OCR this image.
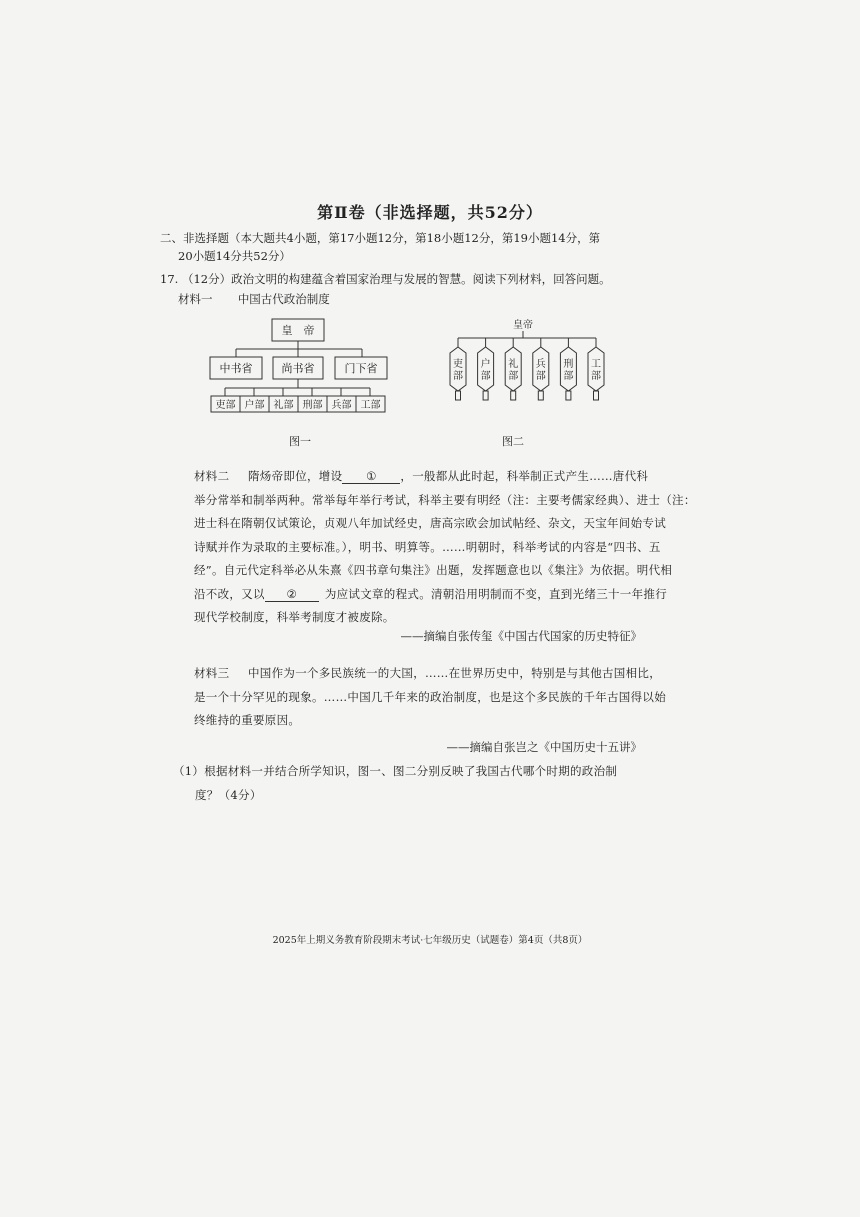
第Ⅱ卷（非选择题，共52分）
二、非选择题（本大题共4小题，第17小题12分，第18小题12分，第19小题14分，第
20小题14分共52分）
17. （12分）政治文明的构建蕴含着国家治理与发展的智慧。阅读下列材料，回答问题。
材料一 中国古代政治制度
皇　帝
中书省	尚书省	门下省
吏部 户部 礼部 刑部 兵部 工部
图一
皇帝
吏
部
户
部
礼
部
兵
部
刑
部
工
部
图二

材料二 隋炀帝即位，增设 ① ，一般都从此时起，科举制正式产生……唐代科

举分常举和制举两种。常举每年举行考试，科举主要有明经（注：主要考儒家经典）、进士（注：

进士科在隋朝仅试策论，贞观八年加试经史，唐高宗欧会加试帖经、杂文，天宝年间始专试

诗赋并作为录取的主要标准。），明书、明算等。……明朝时，科举考试的内容是“四书、五

经”。自元代定科举必从朱熹《四书章句集注》出题，发挥题意也以《集注》为依据。明代相

沿不改，又以 ② 为应试文章的程式。清朝沿用明制而不变，直到光绪三十一年推行

现代学校制度，科举考制度才被废除。

——摘编自张传玺《中国古代国家的历史特征》

材料三 中国作为一个多民族统一的大国，……在世界历史中，特别是与其他古国相比，

是一个十分罕见的现象。……中国几千年来的政治制度，也是这个多民族的千年古国得以始

终维持的重要原因。

——摘编自张岂之《中国历史十五讲》

（1）根据材料一并结合所学知识，图一、图二分别反映了我国古代哪个时期的政治制

度？（4分）

2025年上期义务教育阶段期末考试·七年级历史（试题卷）第4页（共8页）
